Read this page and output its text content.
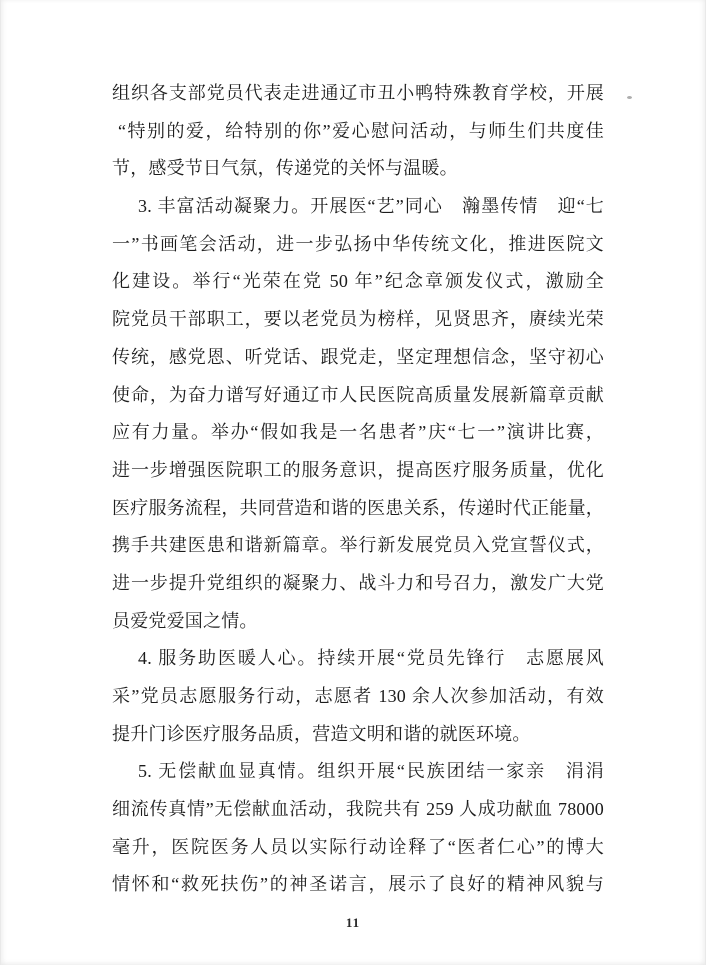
组织各支部党员代表走进通辽市丑小鸭特殊教育学校，开展
“特别的爱，给特别的你”爱心慰问活动，与师生们共度佳
节，感受节日气氛，传递党的关怀与温暖。
3. 丰富活动凝聚力。开展医“艺”同心　瀚墨传情　迎“七
一”书画笔会活动，进一步弘扬中华传统文化，推进医院文
化建设。举行“光荣在党 50 年”纪念章颁发仪式，激励全
院党员干部职工，要以老党员为榜样，见贤思齐，赓续光荣
传统，感党恩、听党话、跟党走，坚定理想信念，坚守初心
使命，为奋力谱写好通辽市人民医院高质量发展新篇章贡献
应有力量。举办“假如我是一名患者”庆“七一”演讲比赛，
进一步增强医院职工的服务意识，提高医疗服务质量，优化
医疗服务流程，共同营造和谐的医患关系，传递时代正能量，
携手共建医患和谐新篇章。举行新发展党员入党宣誓仪式，
进一步提升党组织的凝聚力、战斗力和号召力，激发广大党
员爱党爱国之情。
4. 服务助医暖人心。持续开展“党员先锋行　志愿展风
采”党员志愿服务行动，志愿者 130 余人次参加活动，有效
提升门诊医疗服务品质，营造文明和谐的就医环境。
5. 无偿献血显真情。组织开展“民族团结一家亲　涓涓
细流传真情”无偿献血活动，我院共有 259 人成功献血 78000
毫升，医院医务人员以实际行动诠释了“医者仁心”的博大
情怀和“救死扶伤”的神圣诺言，展示了良好的精神风貌与
11
